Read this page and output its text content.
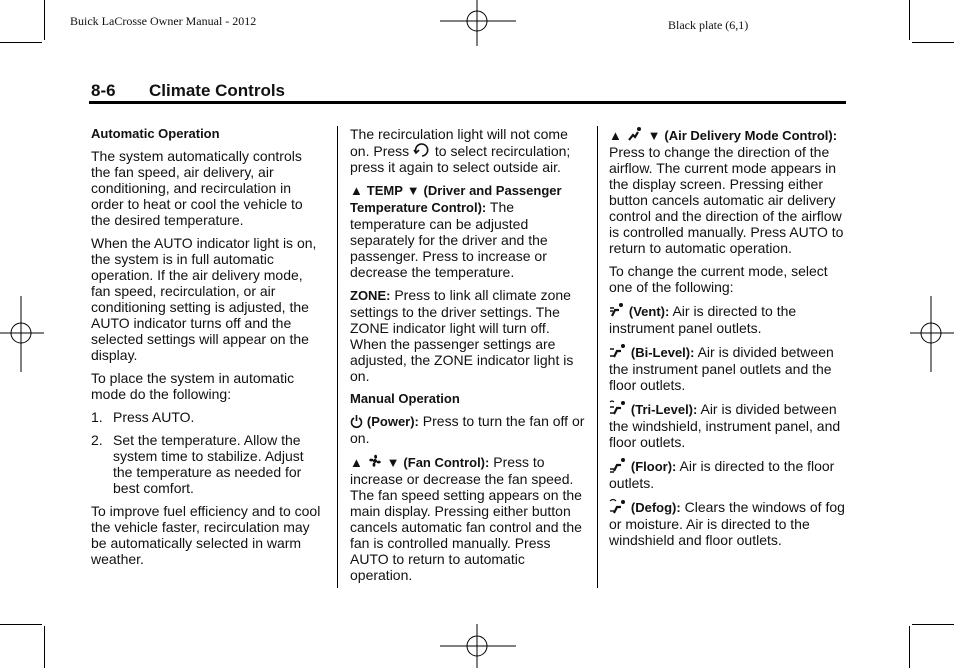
Buick LaCrosse Owner Manual - 2012	Black plate (6,1)
8-6 Climate Controls

Automatic Operation

The system automatically controls the fan speed, air delivery, air conditioning, and recirculation in order to heat or cool the vehicle to the desired temperature.

When the AUTO indicator light is on, the system is in full automatic operation. If the air delivery mode, fan speed, recirculation, or air conditioning setting is adjusted, the AUTO indicator turns off and the selected settings will appear on the display.

To place the system in automatic mode do the following:

1. Press AUTO.
2. Set the temperature. Allow the system time to stabilize. Adjust the temperature as needed for best comfort.

To improve fuel efficiency and to cool the vehicle faster, recirculation may be automatically selected in warm weather.

The recirculation light will not come on. Press to select recirculation; press it again to select outside air.

▲ TEMP ▼ (Driver and Passenger Temperature Control): The temperature can be adjusted separately for the driver and the passenger. Press to increase or decrease the temperature.

ZONE: Press to link all climate zone settings to the driver settings. The ZONE indicator light will turn off. When the passenger settings are adjusted, the ZONE indicator light is on.

Manual Operation

(Power): Press to turn the fan off or on.

▲ ▼ (Fan Control): Press to increase or decrease the fan speed. The fan speed setting appears on the main display. Pressing either button cancels automatic fan control and the fan is controlled manually. Press AUTO to return to automatic operation.

▲ ▼ (Air Delivery Mode Control): Press to change the direction of the airflow. The current mode appears in the display screen. Pressing either button cancels automatic air delivery control and the direction of the airflow is controlled manually. Press AUTO to return to automatic operation.

To change the current mode, select one of the following:

(Vent): Air is directed to the instrument panel outlets.

(Bi-Level): Air is divided between the instrument panel outlets and the floor outlets.

(Tri-Level): Air is divided between the windshield, instrument panel, and floor outlets.

(Floor): Air is directed to the floor outlets.

(Defog): Clears the windows of fog or moisture. Air is directed to the windshield and floor outlets.
